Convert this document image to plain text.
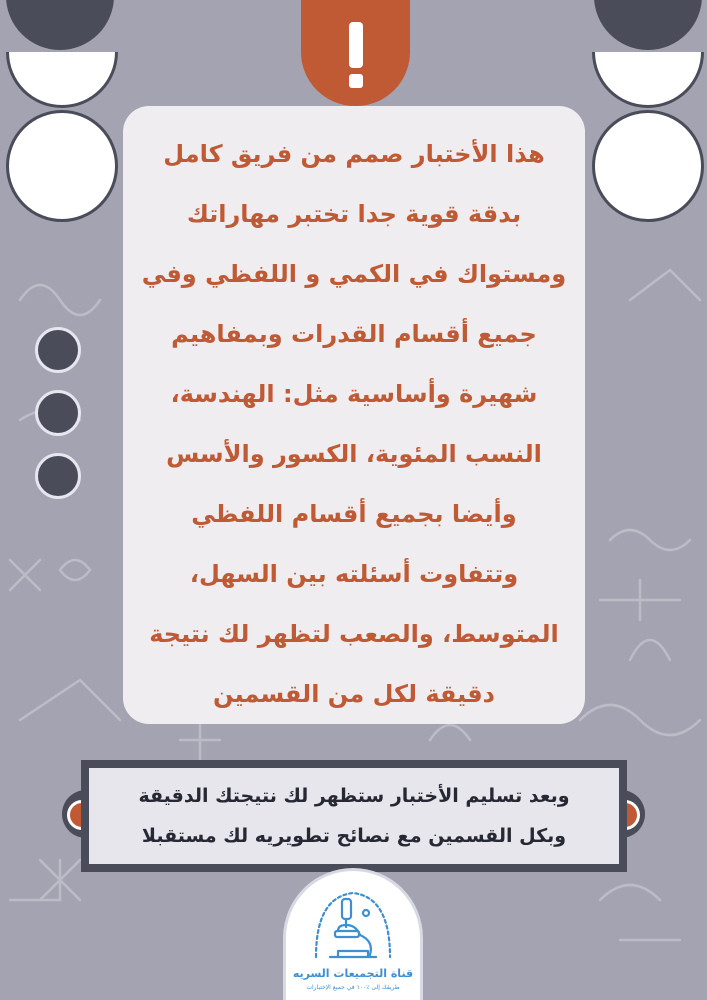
هذا الأختبار صمم من فريق كامل
بدقة قوية جدا تختبر مهاراتك
ومستواك في الكمي و اللفظي وفي
جميع أقسام القدرات وبمفاهيم
شهيرة وأساسية مثل: الهندسة،
النسب المئوية، الكسور والأسس
وأيضا بجميع أقسام اللفظي
وتتفاوت أسئلته بين السهل،
المتوسط، والصعب لتظهر لك نتيجة
دقيقة لكل من القسمين
وبعد تسليم الأختبار ستظهر لك نتيجتك الدقيقة
وبكل القسمين مع نصائح تطويريه لك مستقبلا
قناة التجميعات السريه
طريقك إلى ٪١٠٠ في جميع الإختبارات
